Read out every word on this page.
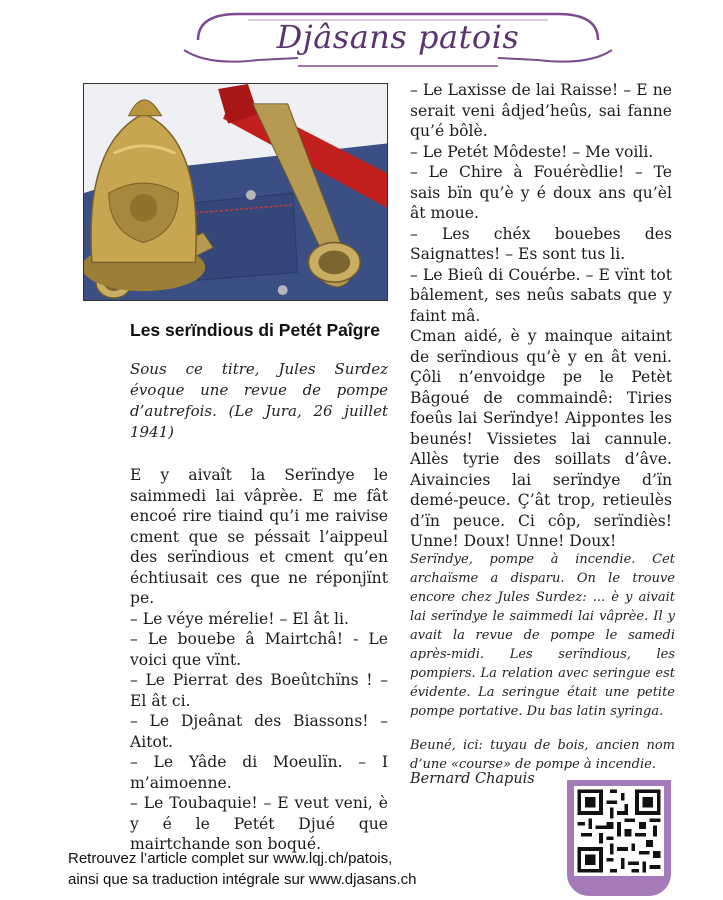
Djâsans patois
Les serïndious di Petét Paîgre
Sous ce titre, Jules Surdez évoque une revue de pompe d’autrefois. (Le Jura, 26 juillet 1941)
E y aivaît la Serïndye le saimmedi lai vâprèe. E me fât encoé rire tiaind qu’i me raivise cment que se péssait l’aippeul des serïndious et cment qu’en échtiusait ces que ne réponjïnt pe.
– Le véye mérelie! – El ât li.
– Le bouebe â Mairtchâ! - Le voici que vïnt.
– Le Pierrat des Boeûtchïns ! – El ât ci.
– Le Djeânat des Biassons! – Aitot.
– Le Yâde di Moeulïn. – I m’aimoenne.
– Le Toubaquie! – E veut veni, è y é le Petét Djué que mairtchande son boqué.
– Le Laxisse de lai Raisse! – E ne serait veni âdjed’heûs, sai fanne qu’é bôlè.
– Le Petét Môdeste! – Me voili.
– Le Chire à Fouérèdlie! – Te sais bïn qu’è y é doux ans qu’èl ât moue.
– Les chéx bouebes des Saignattes! – Es sont tus li.
– Le Bieû di Couérbe. – E vïnt tot bâlement, ses neûs sabats que y faint mâ.
Cman aidé, è y mainque aitaint de serïndious qu’è y en ât veni. Çôli n’envoidge pe le Petèt Bâgoué de commaindê: Tiries foeûs lai Serïndye! Aippontes les beunés! Vissietes lai cannule. Allès tyrie des soillats d’âve. Aivaincies lai serïndye d’ïn demé-peuce. Ç’ât trop, retieulès d’ïn peuce. Ci côp, serïndiès! Unne! Doux! Unne! Doux!
Serïndye, pompe à incendie. Cet archaïsme a disparu. On le trouve encore chez Jules Surdez: ... è y aivait lai serïndye le saimmedi lai vâprèe. Il y avait la revue de pompe le samedi après-midi. Les serïndious, les pompiers. La relation avec seringue est évidente. La seringue était une petite pompe portative. Du bas latin syringa.
Beuné, ici: tuyau de bois, ancien nom d’une «course» de pompe à incendie.
Bernard Chapuis
Retrouvez l’article complet sur www.lqj.ch/patois,
ainsi que sa traduction intégrale sur www.djasans.ch
